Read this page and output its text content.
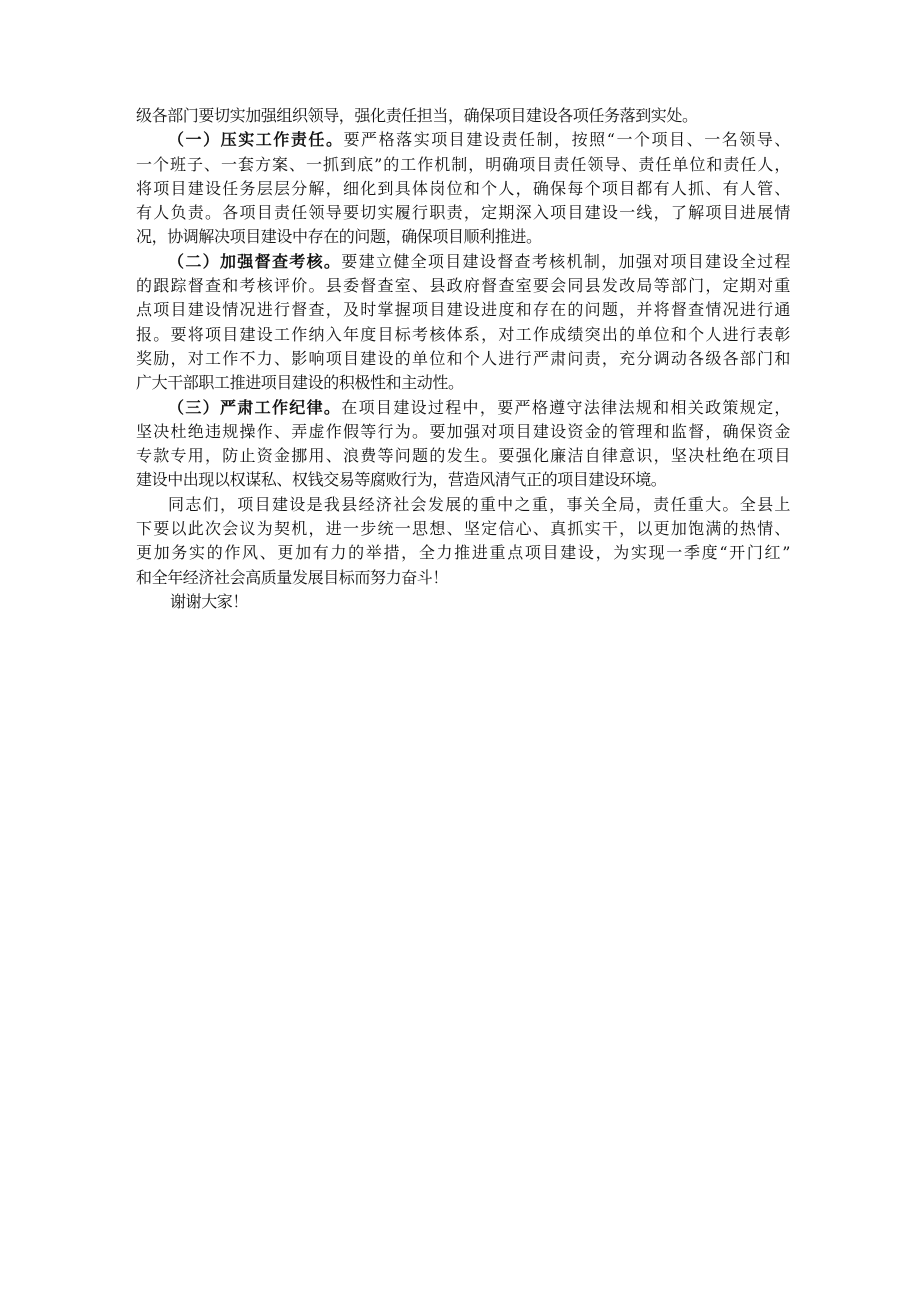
级各部门要切实加强组织领导，强化责任担当，确保项目建设各项任务落到实处。
（一）压实工作责任。要严格落实项目建设责任制，按照“一个项目、一名领导、
一个班子、一套方案、一抓到底”的工作机制，明确项目责任领导、责任单位和责任人，
将项目建设任务层层分解，细化到具体岗位和个人，确保每个项目都有人抓、有人管、
有人负责。各项目责任领导要切实履行职责，定期深入项目建设一线，了解项目进展情
况，协调解决项目建设中存在的问题，确保项目顺利推进。
（二）加强督查考核。要建立健全项目建设督查考核机制，加强对项目建设全过程
的跟踪督查和考核评价。县委督查室、县政府督查室要会同县发改局等部门，定期对重
点项目建设情况进行督查，及时掌握项目建设进度和存在的问题，并将督查情况进行通
报。要将项目建设工作纳入年度目标考核体系，对工作成绩突出的单位和个人进行表彰
奖励，对工作不力、影响项目建设的单位和个人进行严肃问责，充分调动各级各部门和
广大干部职工推进项目建设的积极性和主动性。
（三）严肃工作纪律。在项目建设过程中，要严格遵守法律法规和相关政策规定，
坚决杜绝违规操作、弄虚作假等行为。要加强对项目建设资金的管理和监督，确保资金
专款专用，防止资金挪用、浪费等问题的发生。要强化廉洁自律意识，坚决杜绝在项目
建设中出现以权谋私、权钱交易等腐败行为，营造风清气正的项目建设环境。
同志们，项目建设是我县经济社会发展的重中之重，事关全局，责任重大。全县上
下要以此次会议为契机，进一步统一思想、坚定信心、真抓实干，以更加饱满的热情、
更加务实的作风、更加有力的举措，全力推进重点项目建设，为实现一季度“开门红”
和全年经济社会高质量发展目标而努力奋斗！
谢谢大家！
